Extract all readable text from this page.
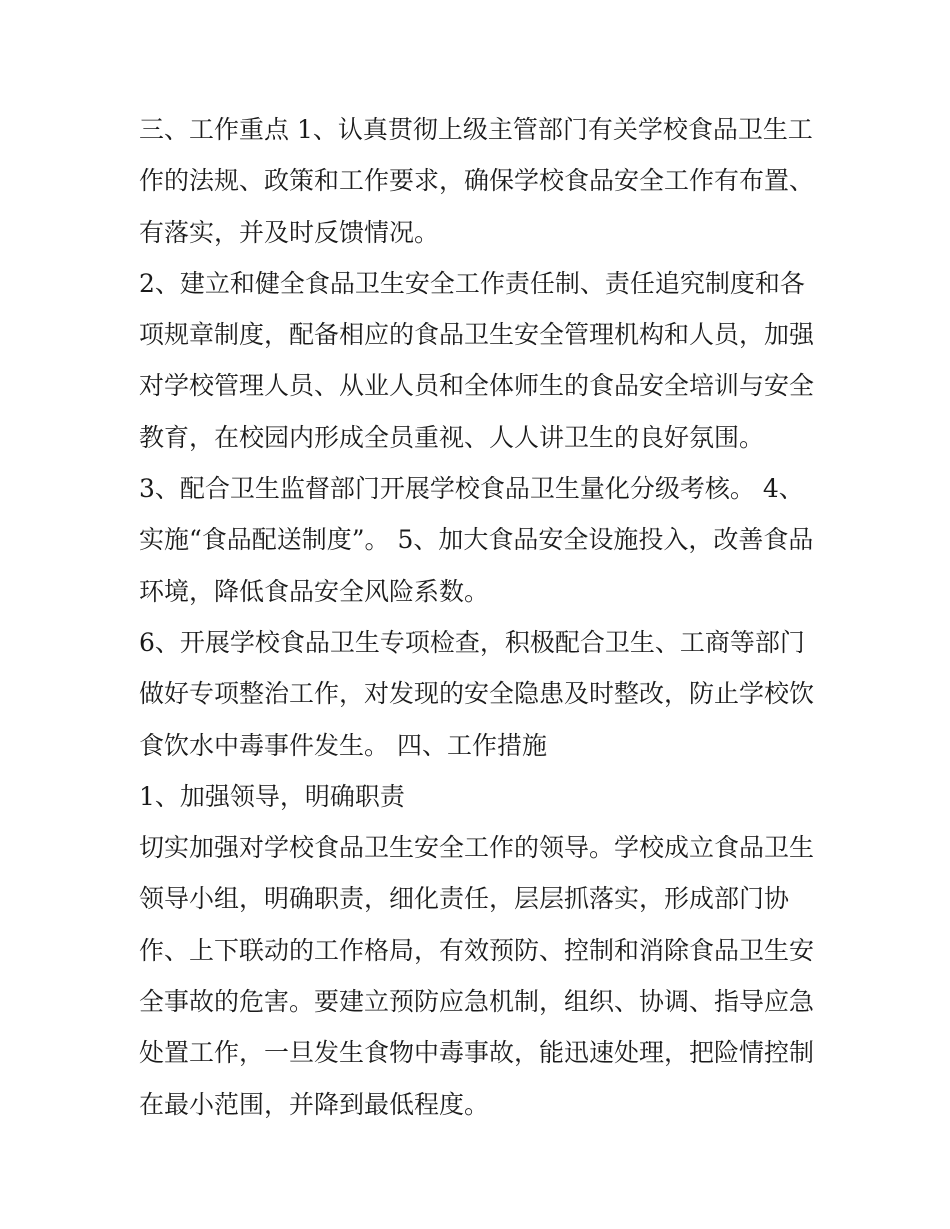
三、工作重点 1、认真贯彻上级主管部门有关学校食品卫生工
作的法规、政策和工作要求，确保学校食品安全工作有布置、
有落实，并及时反馈情况。
2、建立和健全食品卫生安全工作责任制、责任追究制度和各
项规章制度，配备相应的食品卫生安全管理机构和人员，加强
对学校管理人员、从业人员和全体师生的食品安全培训与安全
教育，在校园内形成全员重视、人人讲卫生的良好氛围。
3、配合卫生监督部门开展学校食品卫生量化分级考核。 4、
实施“食品配送制度”。 5、加大食品安全设施投入，改善食品
环境，降低食品安全风险系数。
6、开展学校食品卫生专项检查，积极配合卫生、工商等部门
做好专项整治工作，对发现的安全隐患及时整改，防止学校饮
食饮水中毒事件发生。 四、工作措施
1、加强领导，明确职责
切实加强对学校食品卫生安全工作的领导。学校成立食品卫生
领导小组，明确职责，细化责任，层层抓落实，形成部门协
作、上下联动的工作格局，有效预防、控制和消除食品卫生安
全事故的危害。要建立预防应急机制，组织、协调、指导应急
处置工作，一旦发生食物中毒事故，能迅速处理，把险情控制
在最小范围，并降到最低程度。
